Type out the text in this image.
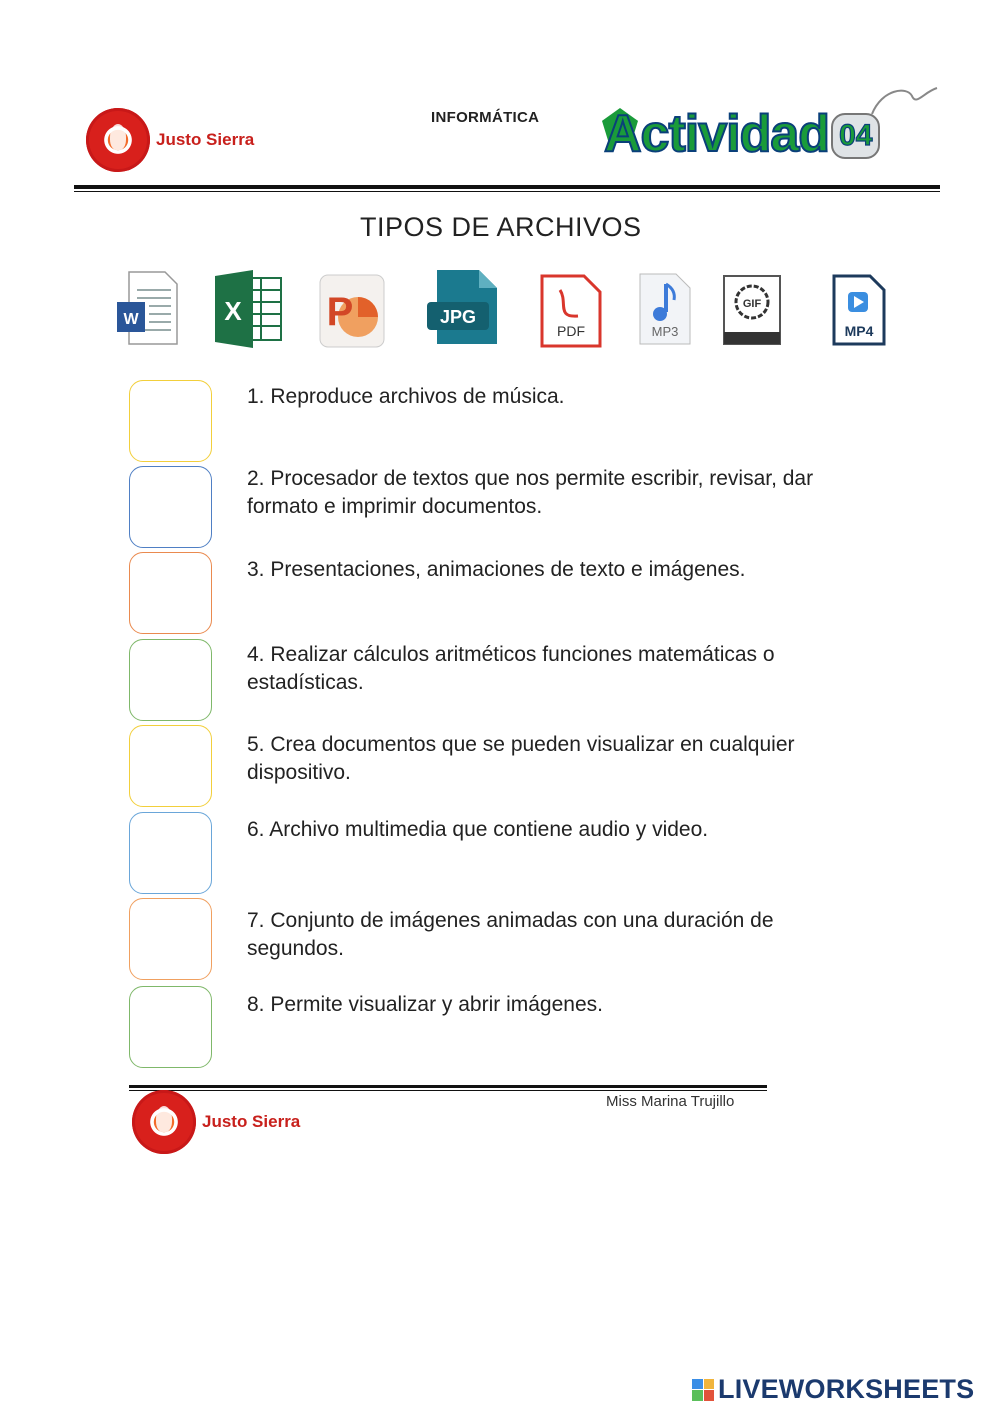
Justo Sierra
INFORMÁTICA Actividad 04
TIPOS DE ARCHIVOS
W	X P	JPG
PDF	MP3
GIF
MP4
1. Reproduce archivos de música.
2. Procesador de textos que nos permite escribir, revisar, dar formato e imprimir documentos.
3. Presentaciones, animaciones de texto e imágenes.
4. Realizar cálculos aritméticos funciones matemáticas o estadísticas.
5. Crea documentos que se pueden visualizar en cualquier dispositivo.
6. Archivo multimedia que contiene audio y video.
7. Conjunto de imágenes animadas con una duración de segundos.
8. Permite visualizar y abrir imágenes.
Miss Marina Trujillo
Justo Sierra
LIVEWORKSHEETS
